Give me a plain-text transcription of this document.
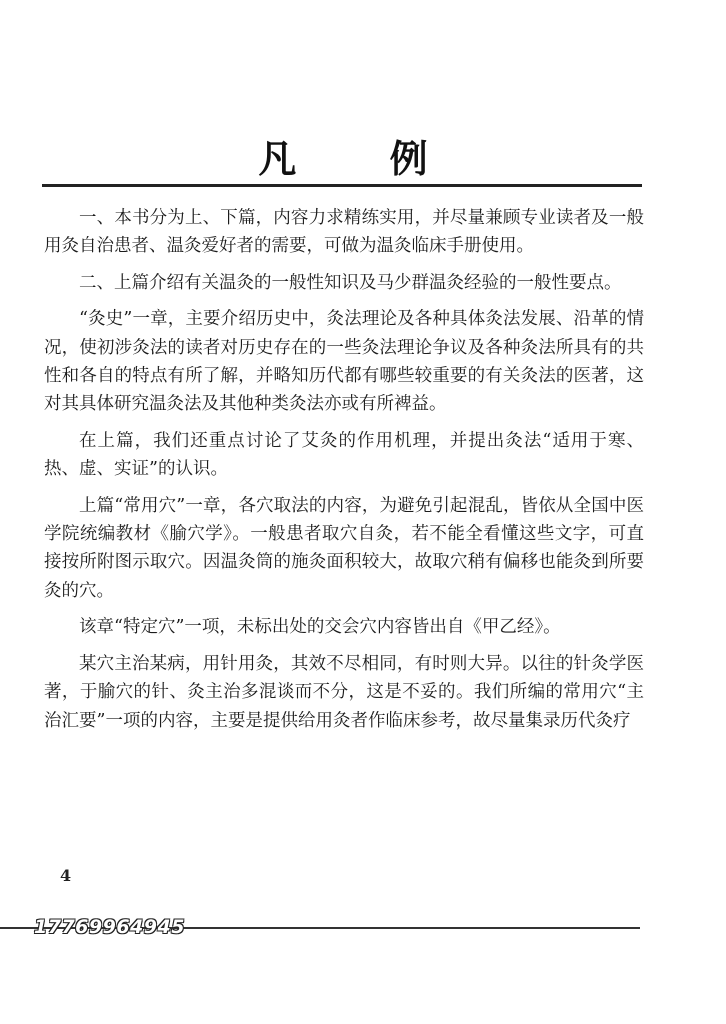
凡 例

一、本书分为上、下篇，内容力求精练实用，并尽量兼顾专业读者及一般用灸自治患者、温灸爱好者的需要，可做为温灸临床手册使用。

二、上篇介绍有关温灸的一般性知识及马少群温灸经验的一般性要点。

“灸史”一章，主要介绍历史中，灸法理论及各种具体灸法发展、沿革的情况，使初涉灸法的读者对历史存在的一些灸法理论争议及各种灸法所具有的共性和各自的特点有所了解，并略知历代都有哪些较重要的有关灸法的医著，这对其具体研究温灸法及其他种类灸法亦或有所裨益。

在上篇，我们还重点讨论了艾灸的作用机理，并提出灸法“适用于寒、热、虚、实证”的认识。

上篇“常用穴”一章，各穴取法的内容，为避免引起混乱，皆依从全国中医学院统编教材《腧穴学》。一般患者取穴自灸，若不能全看懂这些文字，可直接按所附图示取穴。因温灸筒的施灸面积较大，故取穴稍有偏移也能灸到所要灸的穴。

该章“特定穴”一项，未标出处的交会穴内容皆出自《甲乙经》。

某穴主治某病，用针用灸，其效不尽相同，有时则大异。以往的针灸学医著，于腧穴的针、灸主治多混谈而不分，这是不妥的。我们所编的常用穴“主治汇要”一项的内容，主要是提供给用灸者作临床参考，故尽量集录历代灸疗

4
17769964945
